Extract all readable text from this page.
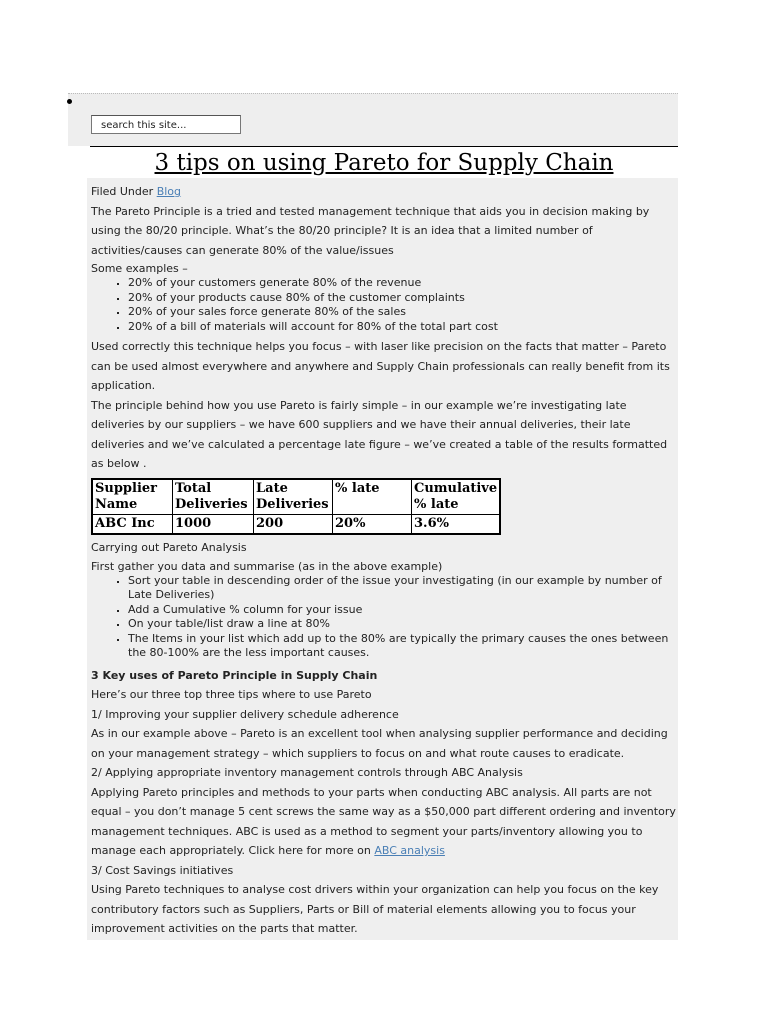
search this site...
3 tips on using Pareto for Supply Chain

Filed Under Blog

The Pareto Principle is a tried and tested management technique that aids you in decision making by using the 80/20 principle. What’s the 80/20 principle? It is an idea that a limited number of activities/causes can generate 80% of the value/issues

Some examples –

▪ 20% of your customers generate 80% of the revenue
▪ 20% of your products cause 80% of the customer complaints
▪ 20% of your sales force generate 80% of the sales
▪ 20% of a bill of materials will account for 80% of the total part cost

Used correctly this technique helps you focus – with laser like precision on the facts that matter – Pareto can be used almost everywhere and anywhere and Supply Chain professionals can really benefit from its application.

The principle behind how you use Pareto is fairly simple – in our example we’re investigating late deliveries by our suppliers – we have 600 suppliers and we have their annual deliveries, their late deliveries and we’ve calculated a percentage late figure – we’ve created a table of the results formatted as below .

Supplier Name	Total Deliveries	Late Deliveries	% late	Cumulative % late
ABC Inc	1000	200	20%	3.6%

Carrying out Pareto Analysis

First gather you data and summarise (as in the above example)

▪ Sort your table in descending order of the issue your investigating (in our example by number of Late Deliveries)
▪ Add a Cumulative % column for your issue
▪ On your table/list draw a line at 80%
▪ The Items in your list which add up to the 80% are typically the primary causes the ones between the 80-100% are the less important causes.

3 Key uses of Pareto Principle in Supply Chain

Here’s our three top three tips where to use Pareto

1/ Improving your supplier delivery schedule adherence

As in our example above – Pareto is an excellent tool when analysing supplier performance and deciding on your management strategy – which suppliers to focus on and what route causes to eradicate.

2/ Applying appropriate inventory management controls through ABC Analysis

Applying Pareto principles and methods to your parts when conducting ABC analysis. All parts are not equal – you don’t manage 5 cent screws the same way as a $50,000 part different ordering and inventory management techniques. ABC is used as a method to segment your parts/inventory allowing you to manage each appropriately. Click here for more on ABC analysis

3/ Cost Savings initiatives

Using Pareto techniques to analyse cost drivers within your organization can help you focus on the key contributory factors such as Suppliers, Parts or Bill of material elements allowing you to focus your improvement activities on the parts that matter.
